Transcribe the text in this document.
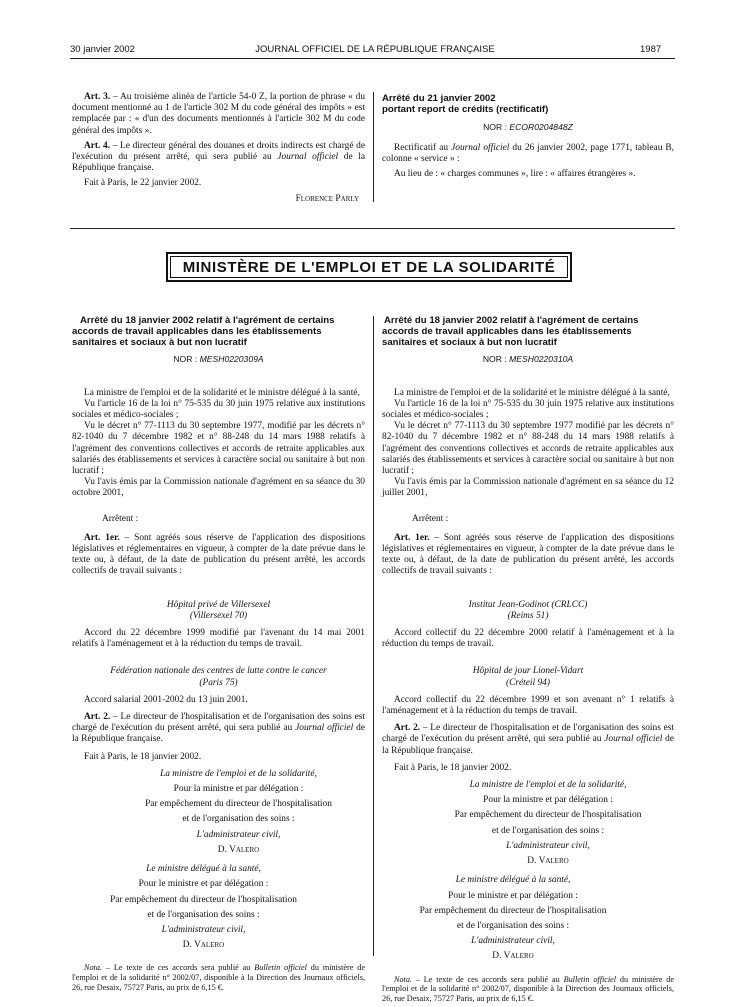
30 janvier 2002	JOURNAL OFFICIEL DE LA RÉPUBLIQUE FRANÇAISE	1987

Art. 3. – Au troisième alinéa de l'article 54-0 Z, la portion de phrase « du document mentionné au 1 de l'article 302 M du code général des impôts » est remplacée par : « d'un des documents mentionnés à l'article 302 M du code général des impôts ».

Art. 4. – Le directeur général des douanes et droits indirects est chargé de l'exécution du présent arrêté, qui sera publié au Journal officiel de la République française.

Fait à Paris, le 22 janvier 2002.

Florence Parly

Arrêté du 21 janvier 2002
portant report de crédits (rectificatif)
NOR : ECOR0204848Z

Rectificatif au Journal officiel du 26 janvier 2002, page 1771, tableau B, colonne « service » :

Au lieu de : « charges communes », lire : « affaires étrangères ».

MINISTÈRE DE L'EMPLOI ET DE LA SOLIDARITÉ
Arrêté du 18 janvier 2002 relatif à l'agrément de certains accords de travail applicables dans les établissements sanitaires et sociaux à but non lucratif
NOR : MESH0220309A

La ministre de l'emploi et de la solidarité et le ministre délégué à la santé,

Vu l'article 16 de la loi n° 75-535 du 30 juin 1975 relative aux institutions sociales et médico-sociales ;

Vu le décret n° 77-1113 du 30 septembre 1977, modifié par les décrets n° 82-1040 du 7 décembre 1982 et n° 88-248 du 14 mars 1988 relatifs à l'agrément des conventions collectives et accords de retraite applicables aux salariés des établissements et services à caractère social ou sanitaire à but non lucratif ;

Vu l'avis émis par la Commission nationale d'agrément en sa séance du 30 octobre 2001,

Arrêtent :

Art. 1er. – Sont agréés sous réserve de l'application des dispositions législatives et réglementaires en vigueur, à compter de la date prévue dans le texte ou, à défaut, de la date de publication du présent arrêté, les accords collectifs de travail suivants :

Hôpital privé de Villersexel

(Villersexel 70)

Accord du 22 décembre 1999 modifié par l'avenant du 14 mai 2001 relatifs à l'aménagement et à la réduction du temps de travail.

Fédération nationale des centres de lutte contre le cancer

(Paris 75)

Accord salarial 2001-2002 du 13 juin 2001.

Art. 2. – Le directeur de l'hospitalisation et de l'organisation des soins est chargé de l'exécution du présent arrêté, qui sera publié au Journal officiel de la République française.

Fait à Paris, le 18 janvier 2002.

La ministre de l'emploi et de la solidarité,

Pour la ministre et par délégation :

Par empêchement du directeur de l'hospitalisation

et de l'organisation des soins :

L'administrateur civil,

D. Valero

Le ministre délégué à la santé,

Pour le ministre et par délégation :

Par empêchement du directeur de l'hospitalisation

et de l'organisation des soins :

L'administrateur civil,

D. Valero

Nota. – Le texte de ces accords sera publié au Bulletin officiel du ministère de l'emploi et de la solidarité n° 2002/07, disponible à la Direction des Journaux officiels, 26, rue Desaix, 75727 Paris, au prix de 6,15 €.

Arrêté du 18 janvier 2002 relatif à l'agrément de certains accords de travail applicables dans les établissements sanitaires et sociaux à but non lucratif
NOR : MESH0220310A

La ministre de l'emploi et de la solidarité et le ministre délégué à la santé,

Vu l'article 16 de la loi n° 75-535 du 30 juin 1975 relative aux institutions sociales et médico-sociales ;

Vu le décret n° 77-1113 du 30 septembre 1977 modifié par les décrets n° 82-1040 du 7 décembre 1982 et n° 88-248 du 14 mars 1988 relatifs à l'agrément des conventions collectives et accords de retraite applicables aux salariés des établissements et services à caractère social ou sanitaire à but non lucratif ;

Vu l'avis émis par la Commission nationale d'agrément en sa séance du 12 juillet 2001,

Arrêtent :

Art. 1er. – Sont agréés sous réserve de l'application des dispositions législatives et réglementaires en vigueur, à compter de la date prévue dans le texte ou, à défaut, de la date de publication du présent arrêté, les accords collectifs de travail suivants :

Institut Jean-Godinot (CRLCC)

(Reims 51)

Accord collectif du 22 décembre 2000 relatif à l'aménagement et à la réduction du temps de travail.

Hôpital de jour Lionel-Vidart

(Créteil 94)

Accord collectif du 22 décembre 1999 et son avenant n° 1 relatifs à l'aménagement et à la réduction du temps de travail.

Art. 2. – Le directeur de l'hospitalisation et de l'organisation des soins est chargé de l'exécution du présent arrêté, qui sera publié au Journal officiel de la République française.

Fait à Paris, le 18 janvier 2002.

La ministre de l'emploi et de la solidarité,

Pour la ministre et par délégation :

Par empêchement du directeur de l'hospitalisation

et de l'organisation des soins :

L'administrateur civil,

D. Valero

Le ministre délégué à la santé,

Pour le ministre et par délégation :

Par empêchement du directeur de l'hospitalisation

et de l'organisation des soins :

L'administrateur civil,

D. Valero

Nota. – Le texte de ces accords sera publié au Bulletin officiel du ministère de l'emploi et de la solidarité n° 2002/07, disponible à la Direction des Journaux officiels, 26, rue Desaix, 75727 Paris, au prix de 6,15 €.
